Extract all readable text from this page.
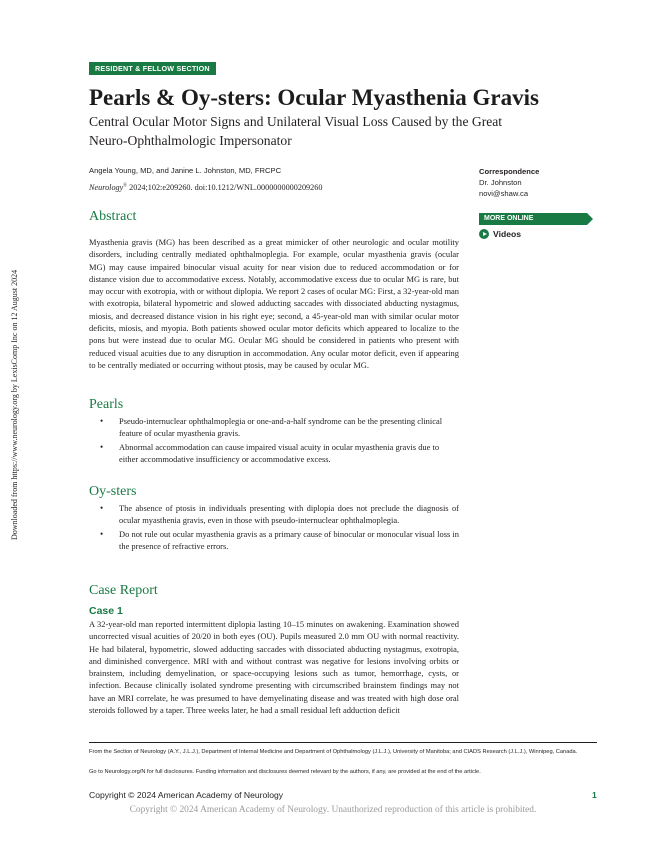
Downloaded from https://www.neurology.org by LexisComp Inc on 12 August 2024
RESIDENT & FELLOW SECTION
Pearls & Oy-sters: Ocular Myasthenia Gravis
Central Ocular Motor Signs and Unilateral Visual Loss Caused by the Great Neuro-Ophthalmologic Impersonator
Angela Young, MD, and Janine L. Johnston, MD, FRCPC
Neurology® 2024;102:e209260. doi:10.1212/WNL.0000000000209260
Correspondence
Dr. Johnston
novi@shaw.ca
MORE ONLINE
Videos
Abstract

Myasthenia gravis (MG) has been described as a great mimicker of other neurologic and ocular motility disorders, including centrally mediated ophthalmoplegia. For example, ocular myasthenia gravis (ocular MG) may cause impaired binocular visual acuity for near vision due to reduced accommodation or for distance vision due to accommodative excess. Notably, accommodative excess due to ocular MG is rare, but may occur with exotropia, with or without diplopia. We report 2 cases of ocular MG: First, a 32-year-old man with exotropia, bilateral hypometric and slowed adducting saccades with dissociated abducting nystagmus, miosis, and decreased distance vision in his right eye; second, a 45-year-old man with similar ocular motor deficits, miosis, and myopia. Both patients showed ocular motor deficits which appeared to localize to the pons but were instead due to ocular MG. Ocular MG should be considered in patients who present with reduced visual acuities due to any disruption in accommodation. Any ocular motor deficit, even if appearing to be centrally mediated or occurring without ptosis, may be caused by ocular MG.

Pearls
• Pseudo-internuclear ophthalmoplegia or one-and-a-half syndrome can be the presenting clinical feature of ocular myasthenia gravis.
• Abnormal accommodation can cause impaired visual acuity in ocular myasthenia gravis due to either accommodative insufficiency or accommodative excess.
Oy-sters
• The absence of ptosis in individuals presenting with diplopia does not preclude the diagnosis of ocular myasthenia gravis, even in those with pseudo-internuclear ophthalmoplegia.
• Do not rule out ocular myasthenia gravis as a primary cause of binocular or monocular visual loss in the presence of refractive errors.
Case Report
Case 1

A 32-year-old man reported intermittent diplopia lasting 10–15 minutes on awakening. Examination showed uncorrected visual acuities of 20/20 in both eyes (OU). Pupils measured 2.0 mm OU with normal reactivity. He had bilateral, hypometric, slowed adducting saccades with dissociated abducting nystagmus, exotropia, and diminished convergence. MRI with and without contrast was negative for lesions involving orbits or brainstem, including demyelination, or space-occupying lesions such as tumor, hemorrhage, cysts, or infection. Because clinically isolated syndrome presenting with circumscribed brainstem findings may not have an MRI correlate, he was presumed to have demyelinating disease and was treated with high dose oral steroids followed by a taper. Three weeks later, he had a small residual left adduction deficit

From the Section of Neurology (A.Y., J.L.J.), Department of Internal Medicine and Department of Ophthalmology (J.L.J.), University of Manitoba; and CIADS Research (J.L.J.), Winnipeg, Canada.

Go to Neurology.org/N for full disclosures. Funding information and disclosures deemed relevant by the authors, if any, are provided at the end of the article.

Copyright © 2024 American Academy of Neurology	1
Copyright © 2024 American Academy of Neurology. Unauthorized reproduction of this article is prohibited.
